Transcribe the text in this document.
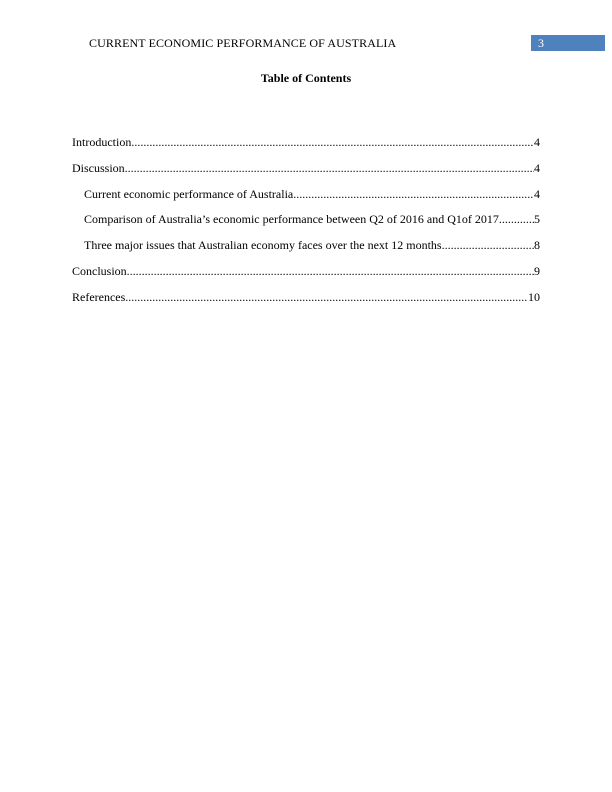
CURRENT ECONOMIC PERFORMANCE OF AUSTRALIA	3
Table of Contents
Introduction .....	4
Discussion .....	4
Current economic performance of Australia .....	4
Comparison of Australia’s economic performance between Q2 of 2016 and Q1of 2017 .....	5
Three major issues that Australian economy faces over the next 12 months .....	8
Conclusion .....	9
References .....	10
